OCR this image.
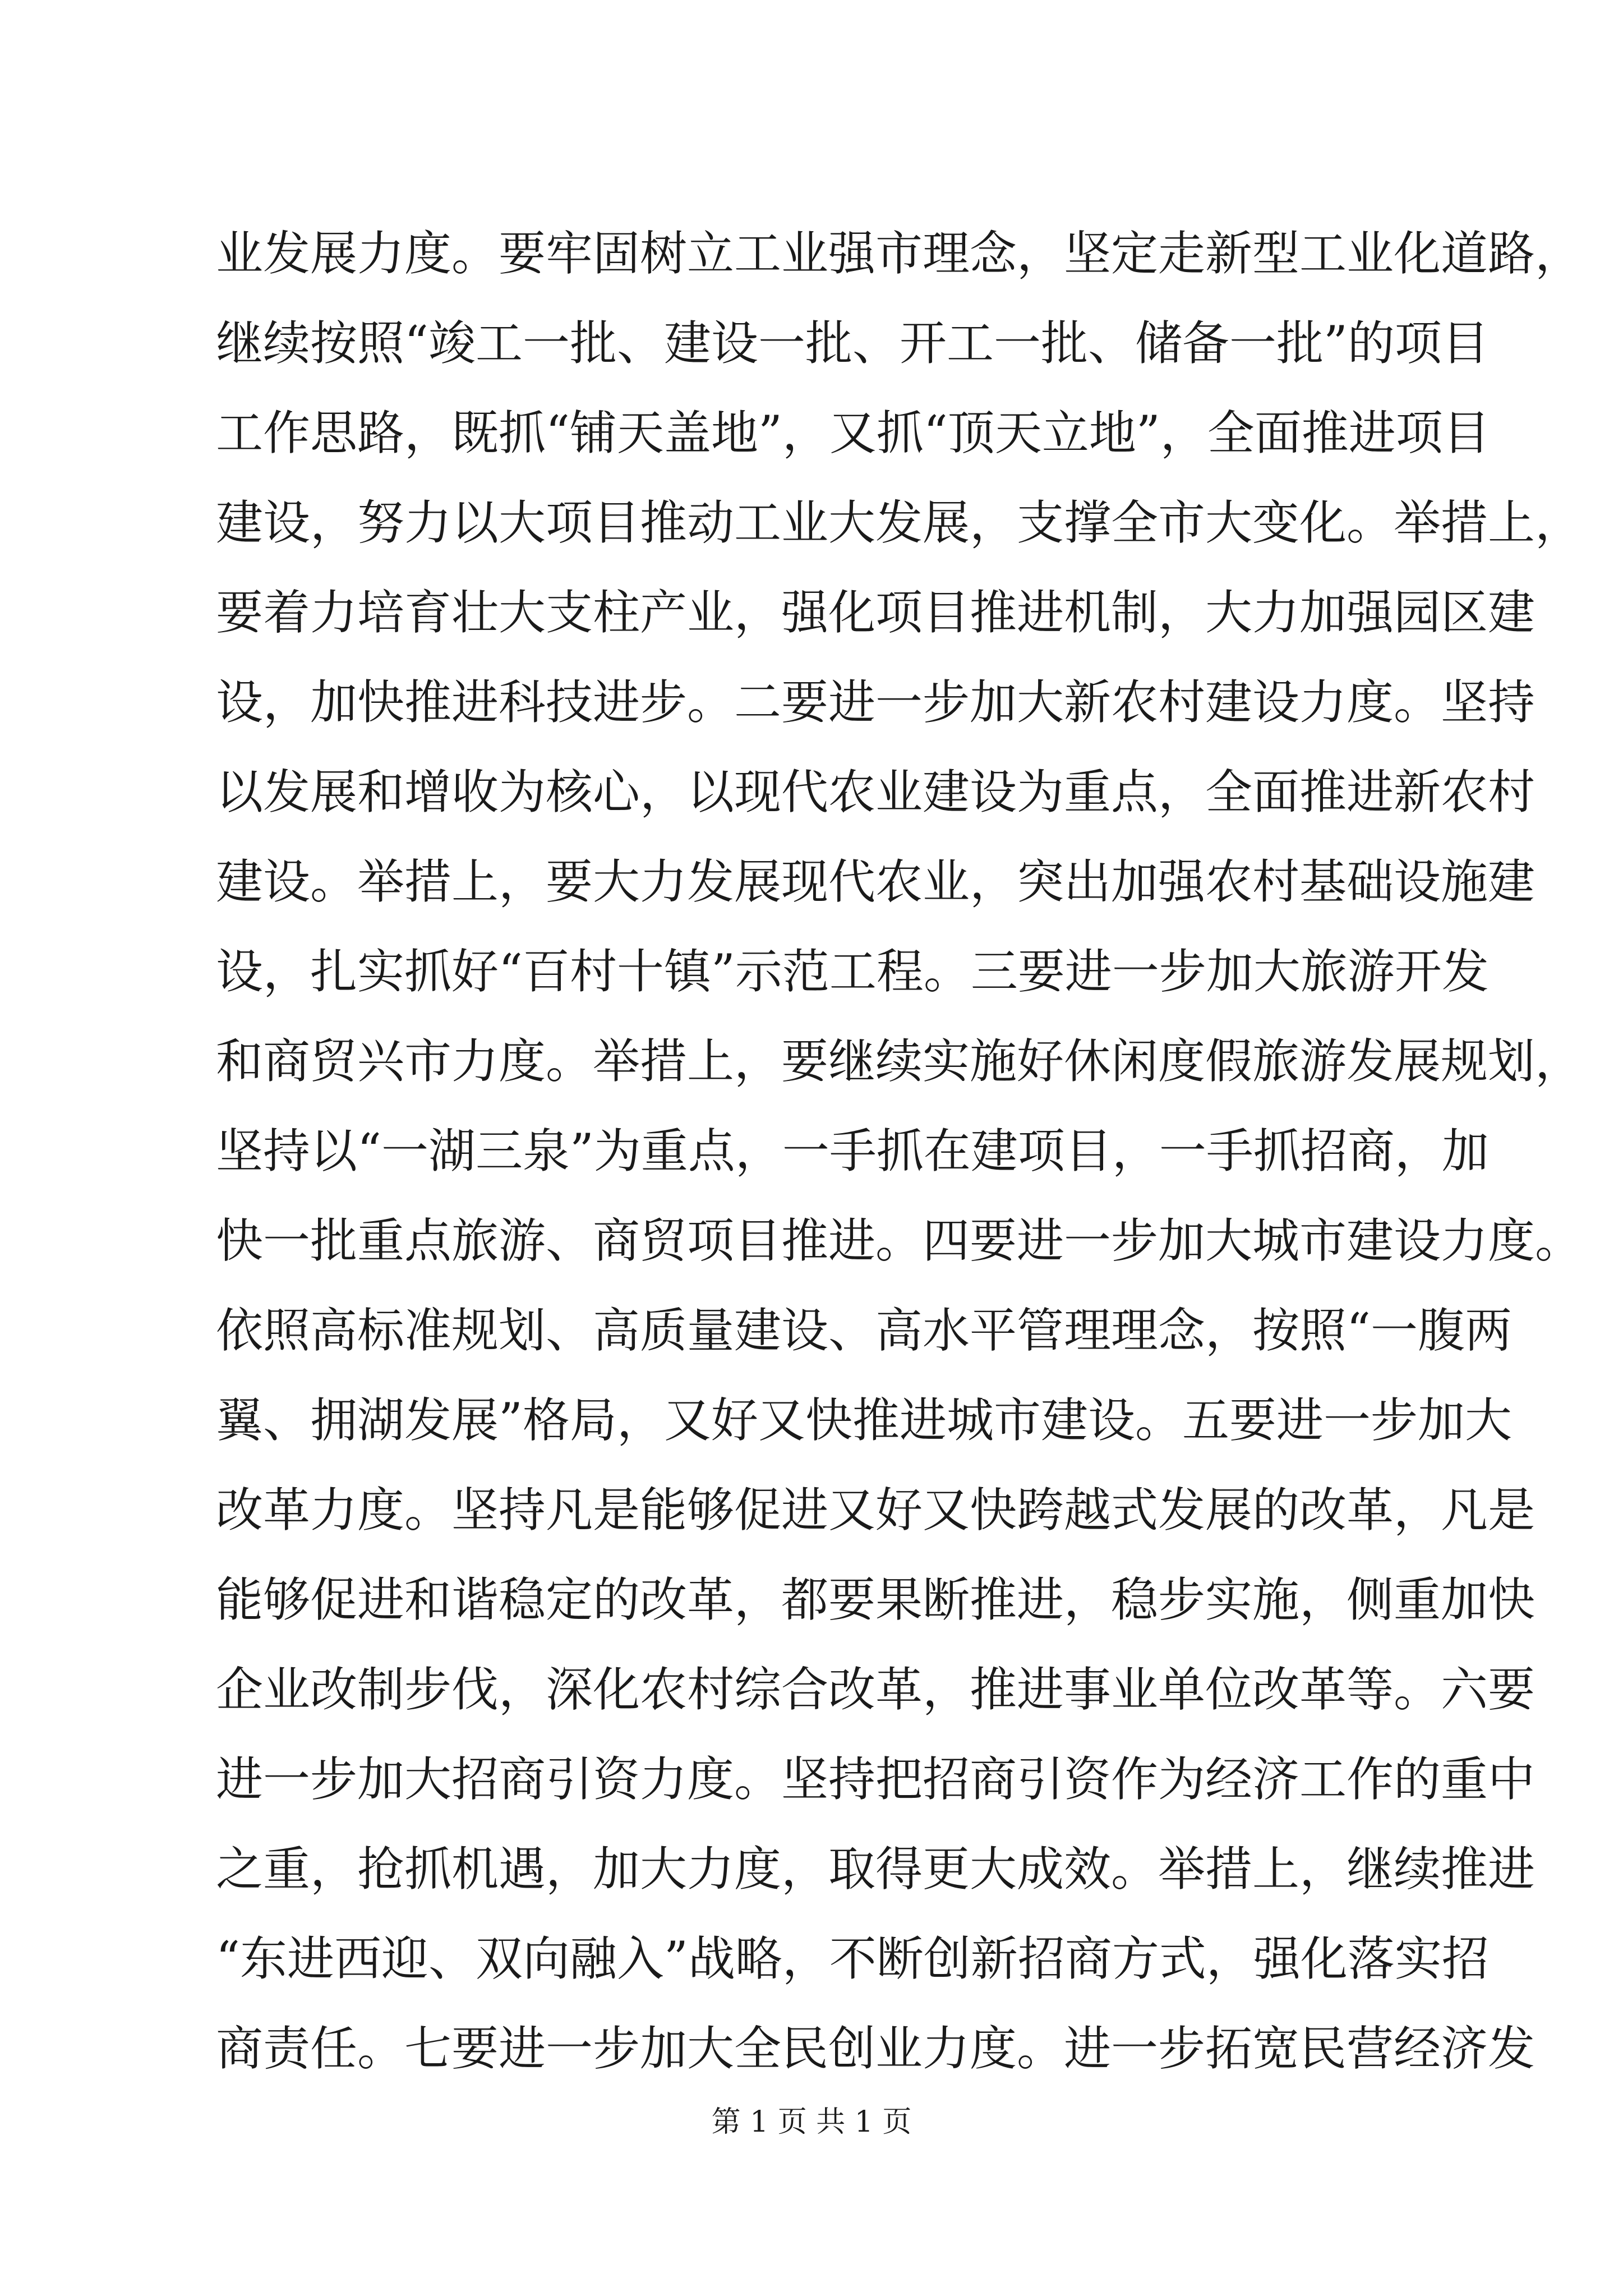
业发展力度。要牢固树立工业强市理念，坚定走新型工业化道路，
继续按照“竣工一批、建设一批、开工一批、储备一批”的项目
工作思路，既抓“铺天盖地”，又抓“顶天立地”，全面推进项目
建设，努力以大项目推动工业大发展，支撑全市大变化。举措上，
要着力培育壮大支柱产业，强化项目推进机制，大力加强园区建
设，加快推进科技进步。二要进一步加大新农村建设力度。坚持
以发展和增收为核心，以现代农业建设为重点，全面推进新农村
建设。举措上，要大力发展现代农业，突出加强农村基础设施建
设，扎实抓好“百村十镇”示范工程。三要进一步加大旅游开发
和商贸兴市力度。举措上，要继续实施好休闲度假旅游发展规划，
坚持以“一湖三泉”为重点，一手抓在建项目，一手抓招商，加
快一批重点旅游、商贸项目推进。四要进一步加大城市建设力度。
依照高标准规划、高质量建设、高水平管理理念，按照“一腹两
翼、拥湖发展”格局，又好又快推进城市建设。五要进一步加大
改革力度。坚持凡是能够促进又好又快跨越式发展的改革，凡是
能够促进和谐稳定的改革，都要果断推进，稳步实施，侧重加快
企业改制步伐，深化农村综合改革，推进事业单位改革等。六要
进一步加大招商引资力度。坚持把招商引资作为经济工作的重中
之重，抢抓机遇，加大力度，取得更大成效。举措上，继续推进
“东进西迎、双向融入”战略，不断创新招商方式，强化落实招
商责任。七要进一步加大全民创业力度。进一步拓宽民营经济发
第 1 页 共 1 页
